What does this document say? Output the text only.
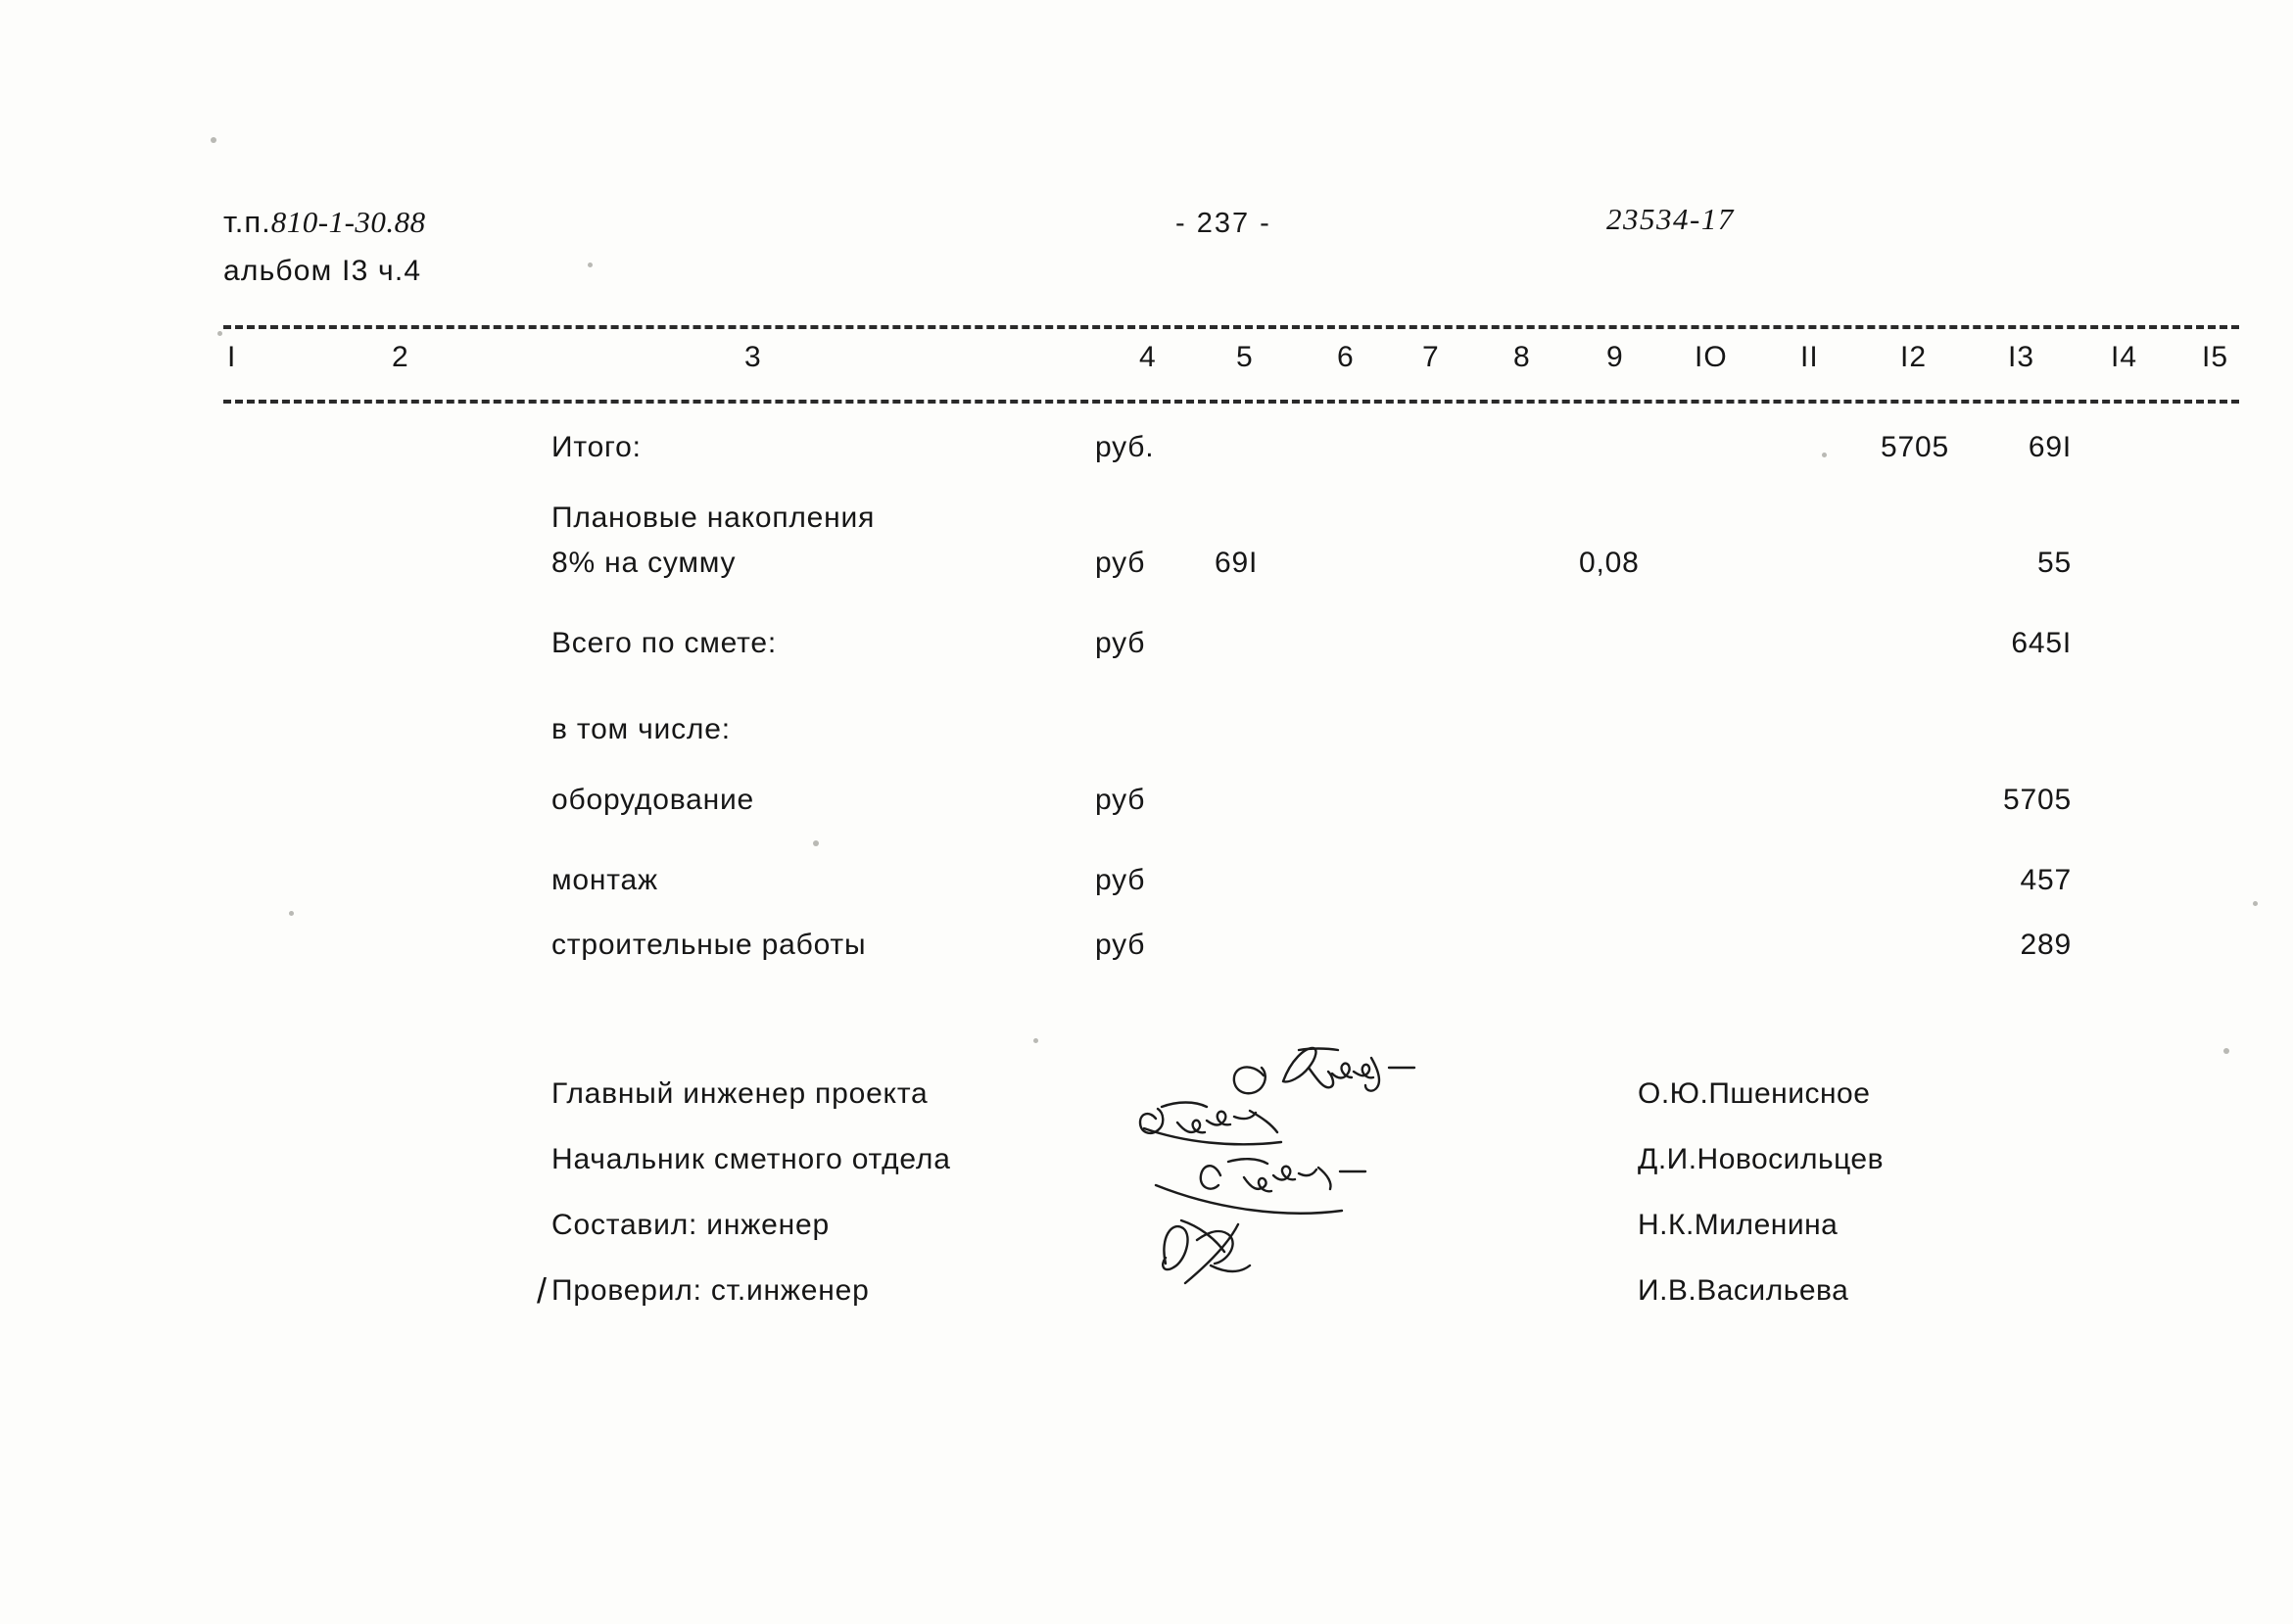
т.п.810-1-30.88
альбом I3 ч.4
- 237 -	23534-17
I	2	3	4	5	6 7	8	9 IO II	I2	I3	I4 I5
Итого:	руб.	5705	69I
Плановые накопления
8% на сумму	руб 69I	0,08	55
Всего по смете:	руб	645I
в том числе:
оборудование	руб	5705
монтаж	руб	457
строительные работы	руб	289
Главный инженер проекта	О.Ю.Пшенисное
Начальник сметного отдела	Д.И.Новосильцев
Составил: инженер	Н.К.Миленина
/ Проверил: ст.инженер	И.В.Васильева
